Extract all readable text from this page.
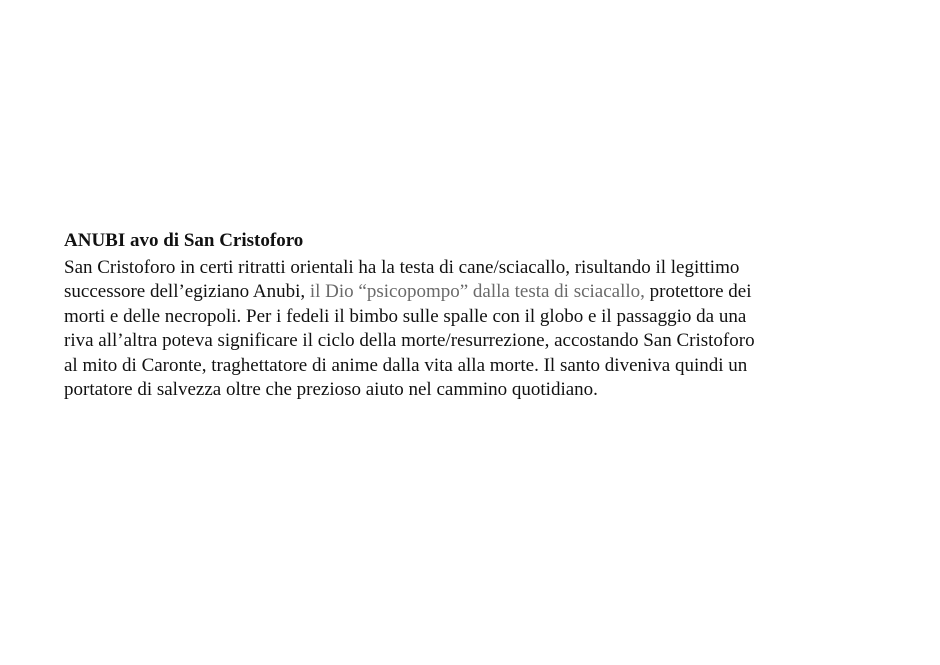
ANUBI avo di San Cristoforo

San Cristoforo in certi ritratti orientali ha la testa di cane/sciacallo, risultando il legittimo
successore dell’egiziano Anubi, il Dio “psicopompo” dalla testa di sciacallo, protettore dei
morti e delle necropoli. Per i fedeli il bimbo sulle spalle con il globo e il passaggio da una
riva all’altra poteva significare il ciclo della morte/resurrezione, accostando San Cristoforo
al mito di Caronte, traghettatore di anime dalla vita alla morte. Il santo diveniva quindi un
portatore di salvezza oltre che prezioso aiuto nel cammino quotidiano.
